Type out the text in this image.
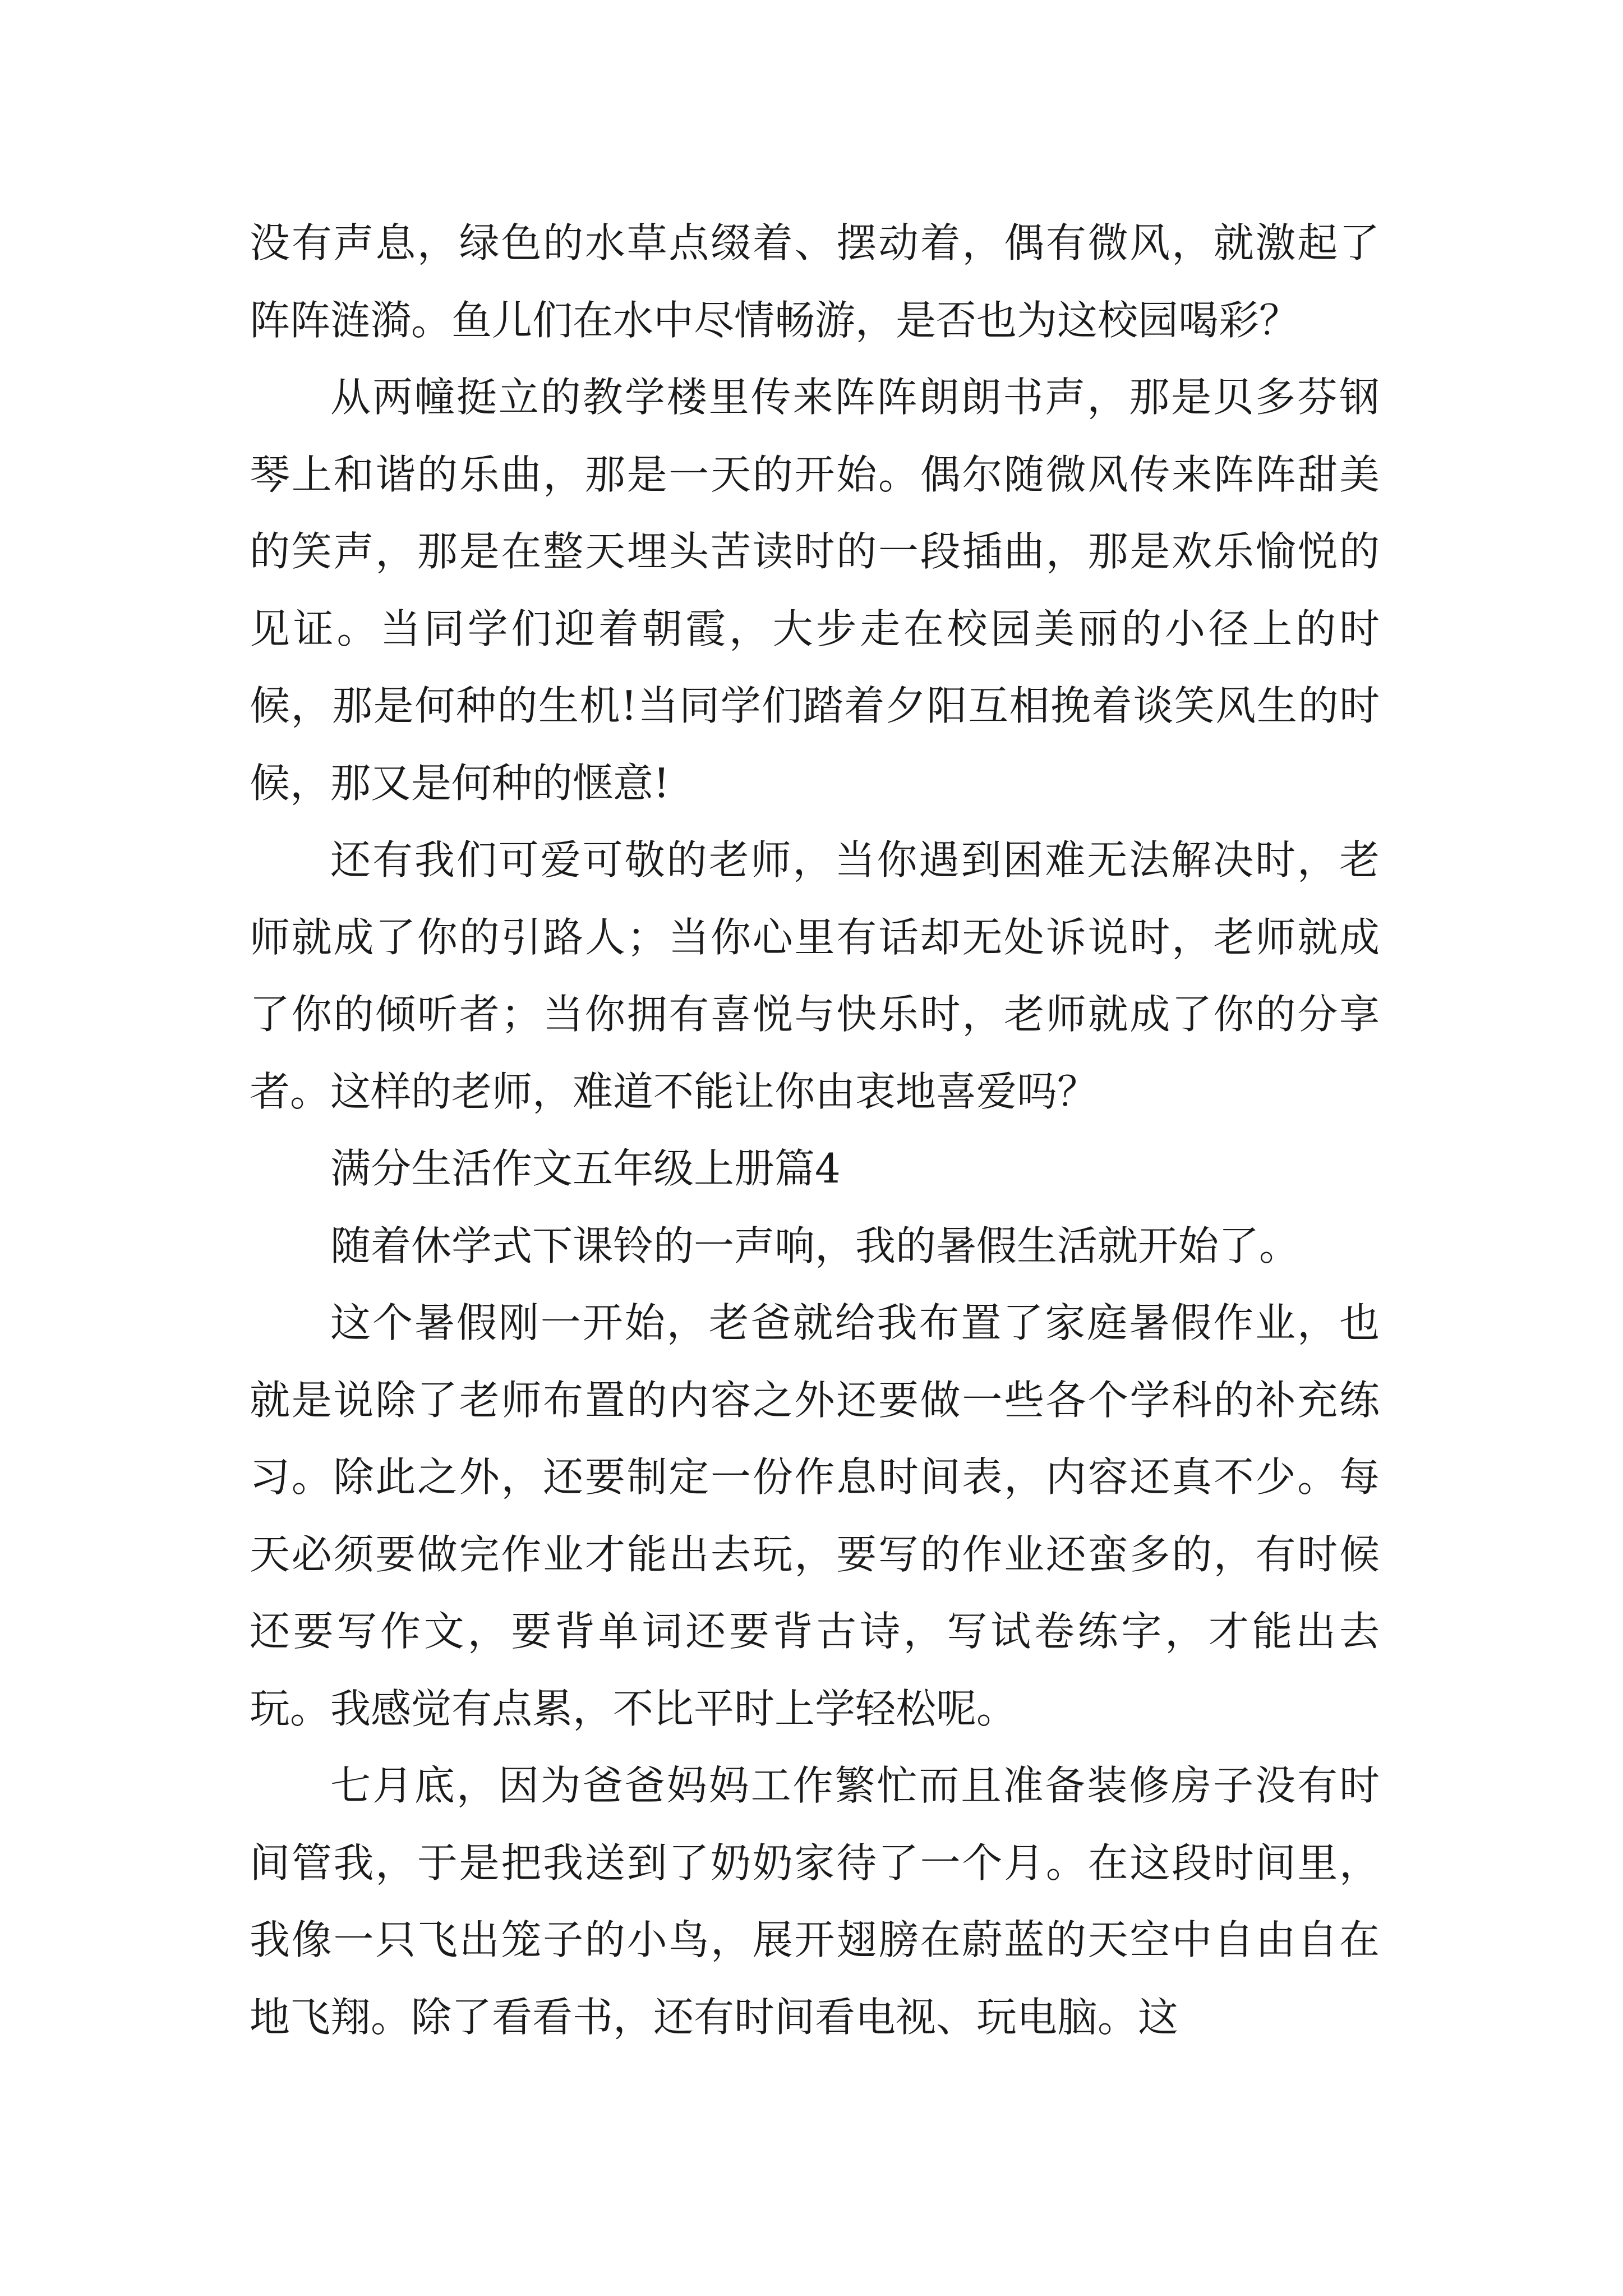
没有声息，绿色的水草点缀着、摆动着，偶有微风，就激起了阵阵涟漪。鱼儿们在水中尽情畅游，是否也为这校园喝彩？

从两幢挺立的教学楼里传来阵阵朗朗书声，那是贝多芬钢琴上和谐的乐曲，那是一天的开始。偶尔随微风传来阵阵甜美的笑声，那是在整天埋头苦读时的一段插曲，那是欢乐愉悦的见证。当同学们迎着朝霞，大步走在校园美丽的小径上的时候，那是何种的生机!当同学们踏着夕阳互相挽着谈笑风生的时候，那又是何种的惬意!

还有我们可爱可敬的老师，当你遇到困难无法解决时，老师就成了你的引路人；当你心里有话却无处诉说时，老师就成了你的倾听者；当你拥有喜悦与快乐时，老师就成了你的分享者。这样的老师，难道不能让你由衷地喜爱吗？

满分生活作文五年级上册篇4

随着休学式下课铃的一声响，我的暑假生活就开始了。

这个暑假刚一开始，老爸就给我布置了家庭暑假作业，也就是说除了老师布置的内容之外还要做一些各个学科的补充练习。除此之外，还要制定一份作息时间表，内容还真不少。每天必须要做完作业才能出去玩，要写的作业还蛮多的，有时候还要写作文，要背单词还要背古诗，写试卷练字，才能出去玩。我感觉有点累，不比平时上学轻松呢。

七月底，因为爸爸妈妈工作繁忙而且准备装修房子没有时间管我，于是把我送到了奶奶家待了一个月。在这段时间里，我像一只飞出笼子的小鸟，展开翅膀在蔚蓝的天空中自由自在地飞翔。除了看看书，还有时间看电视、玩电脑。这
